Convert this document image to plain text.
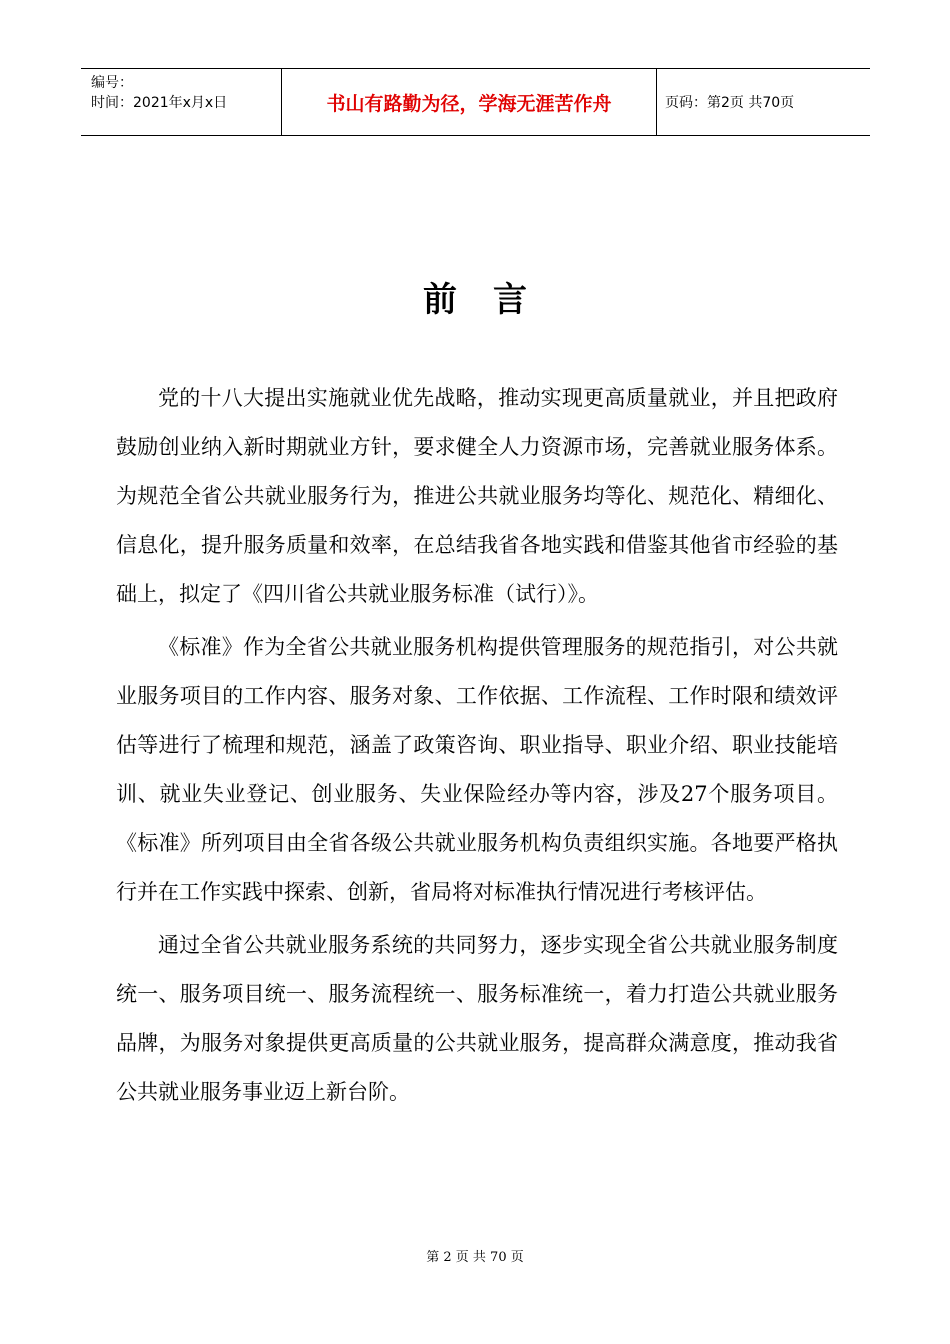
编号：
时间：2021年x月x日	书山有路勤为径，学海无涯苦作舟	页码：第2页 共70页
前言

党的十八大提出实施就业优先战略，推动实现更高质量就业，并且把政府鼓励创业纳入新时期就业方针，要求健全人力资源市场，完善就业服务体系。为规范全省公共就业服务行为，推进公共就业服务均等化、规范化、精细化、信息化，提升服务质量和效率，在总结我省各地实践和借鉴其他省市经验的基础上，拟定了《四川省公共就业服务标准（试行）》。

《标准》作为全省公共就业服务机构提供管理服务的规范指引，对公共就业服务项目的工作内容、服务对象、工作依据、工作流程、工作时限和绩效评估等进行了梳理和规范，涵盖了政策咨询、职业指导、职业介绍、职业技能培训、就业失业登记、创业服务、失业保险经办等内容，涉及27个服务项目。《标准》所列项目由全省各级公共就业服务机构负责组织实施。各地要严格执行并在工作实践中探索、创新，省局将对标准执行情况进行考核评估。

通过全省公共就业服务系统的共同努力，逐步实现全省公共就业服务制度统一、服务项目统一、服务流程统一、服务标准统一，着力打造公共就业服务品牌，为服务对象提供更高质量的公共就业服务，提高群众满意度，推动我省公共就业服务事业迈上新台阶。

第 2 页 共 70 页
